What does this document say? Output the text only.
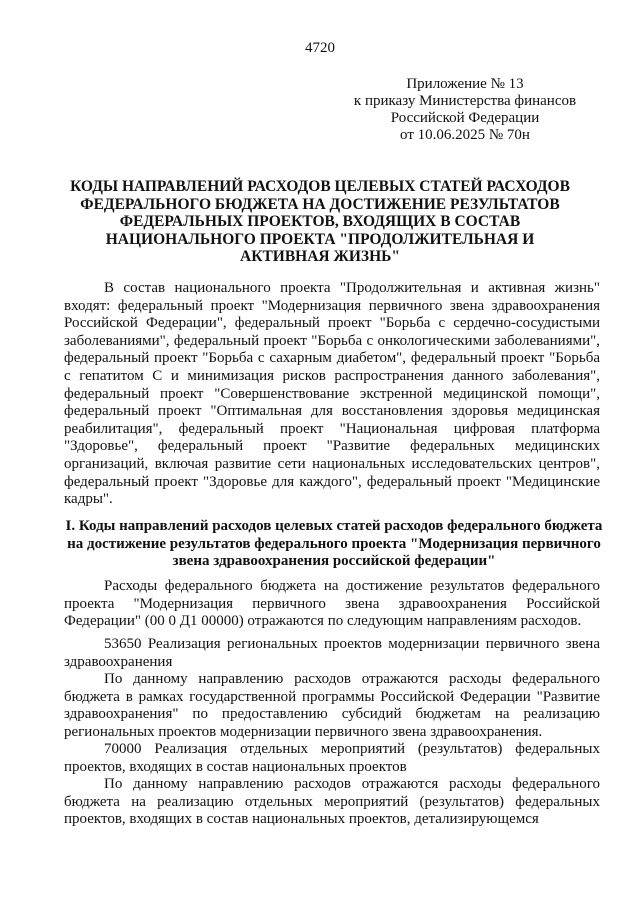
4720
Приложение № 13
к приказу Министерства финансов
Российской Федерации
от 10.06.2025 № 70н
КОДЫ НАПРАВЛЕНИЙ РАСХОДОВ ЦЕЛЕВЫХ СТАТЕЙ РАСХОДОВ ФЕДЕРАЛЬНОГО БЮДЖЕТА НА ДОСТИЖЕНИЕ РЕЗУЛЬТАТОВ ФЕДЕРАЛЬНЫХ ПРОЕКТОВ, ВХОДЯЩИХ В СОСТАВ НАЦИОНАЛЬНОГО ПРОЕКТА "ПРОДОЛЖИТЕЛЬНАЯ И АКТИВНАЯ ЖИЗНЬ"

В состав национального проекта "Продолжительная и активная жизнь" входят: федеральный проект "Модернизация первичного звена здравоохранения Российской Федерации", федеральный проект "Борьба с сердечно-сосудистыми заболеваниями", федеральный проект "Борьба с онкологическими заболеваниями", федеральный проект "Борьба с сахарным диабетом", федеральный проект "Борьба с гепатитом С и минимизация рисков распространения данного заболевания", федеральный проект "Совершенствование экстренной медицинской помощи", федеральный проект "Оптимальная для восстановления здоровья медицинская реабилитация", федеральный проект "Национальная цифровая платформа "Здоровье", федеральный проект "Развитие федеральных медицинских организаций, включая развитие сети национальных исследовательских центров", федеральный проект "Здоровье для каждого", федеральный проект "Медицинские кадры".

I. Коды направлений расходов целевых статей расходов федерального бюджета на достижение результатов федерального проекта "Модернизация первичного звена здравоохранения российской федерации"

Расходы федерального бюджета на достижение результатов федерального проекта "Модернизация первичного звена здравоохранения Российской Федерации" (00 0 Д1 00000) отражаются по следующим направлениям расходов.

53650 Реализация региональных проектов модернизации первичного звена здравоохранения

По данному направлению расходов отражаются расходы федерального бюджета в рамках государственной программы Российской Федерации "Развитие здравоохранения" по предоставлению субсидий бюджетам на реализацию региональных проектов модернизации первичного звена здравоохранения.

70000 Реализация отдельных мероприятий (результатов) федеральных проектов, входящих в состав национальных проектов

По данному направлению расходов отражаются расходы федерального бюджета на реализацию отдельных мероприятий (результатов) федеральных проектов, входящих в состав национальных проектов, детализирующемся
